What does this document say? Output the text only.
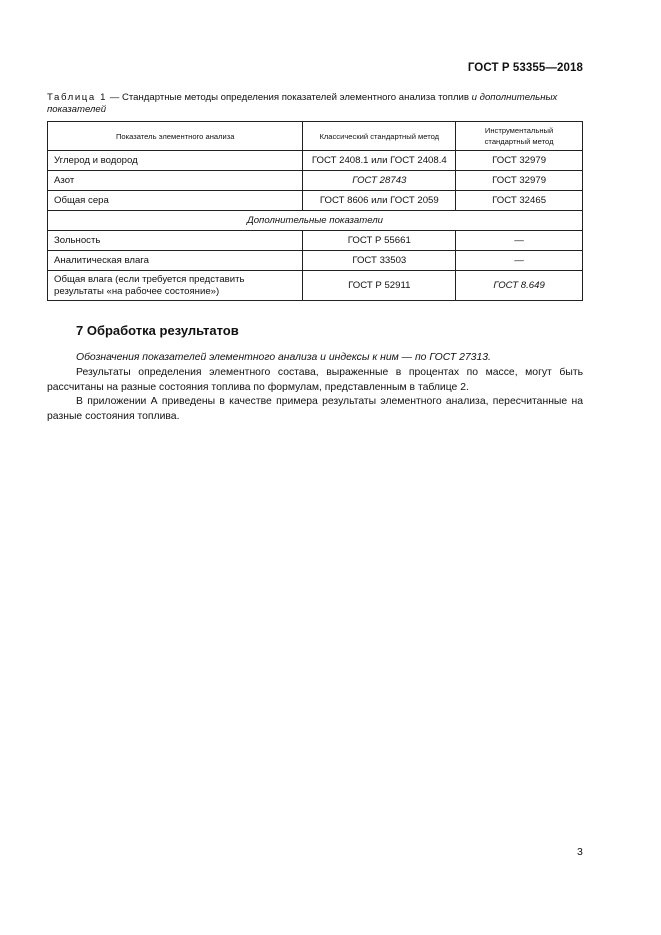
ГОСТ Р 53355—2018
Таблица 1 — Стандартные методы определения показателей элементного анализа топлив и дополнительных показателей
Показатель элементного анализа	Классический стандартный метод	Инструментальный стандартный метод
Углерод и водород	ГОСТ 2408.1 или ГОСТ 2408.4	ГОСТ 32979
Азот	ГОСТ 28743	ГОСТ 32979
Общая сера	ГОСТ 8606 или ГОСТ 2059	ГОСТ 32465
Дополнительные показатели		
Зольность	ГОСТ Р 55661	—
Аналитическая влага	ГОСТ 33503	—
Общая влага (если требуется представить результаты «на рабочее состояние»)	ГОСТ Р 52911	ГОСТ 8.649
7 Обработка результатов

Обозначения показателей элементного анализа и индексы к ним — по ГОСТ 27313.

Результаты определения элементного состава, выраженные в процентах по массе, могут быть рассчитаны на разные состояния топлива по формулам, представленным в таблице 2.

В приложении А приведены в качестве примера результаты элементного анализа, пересчитанные на разные состояния топлива.

3
